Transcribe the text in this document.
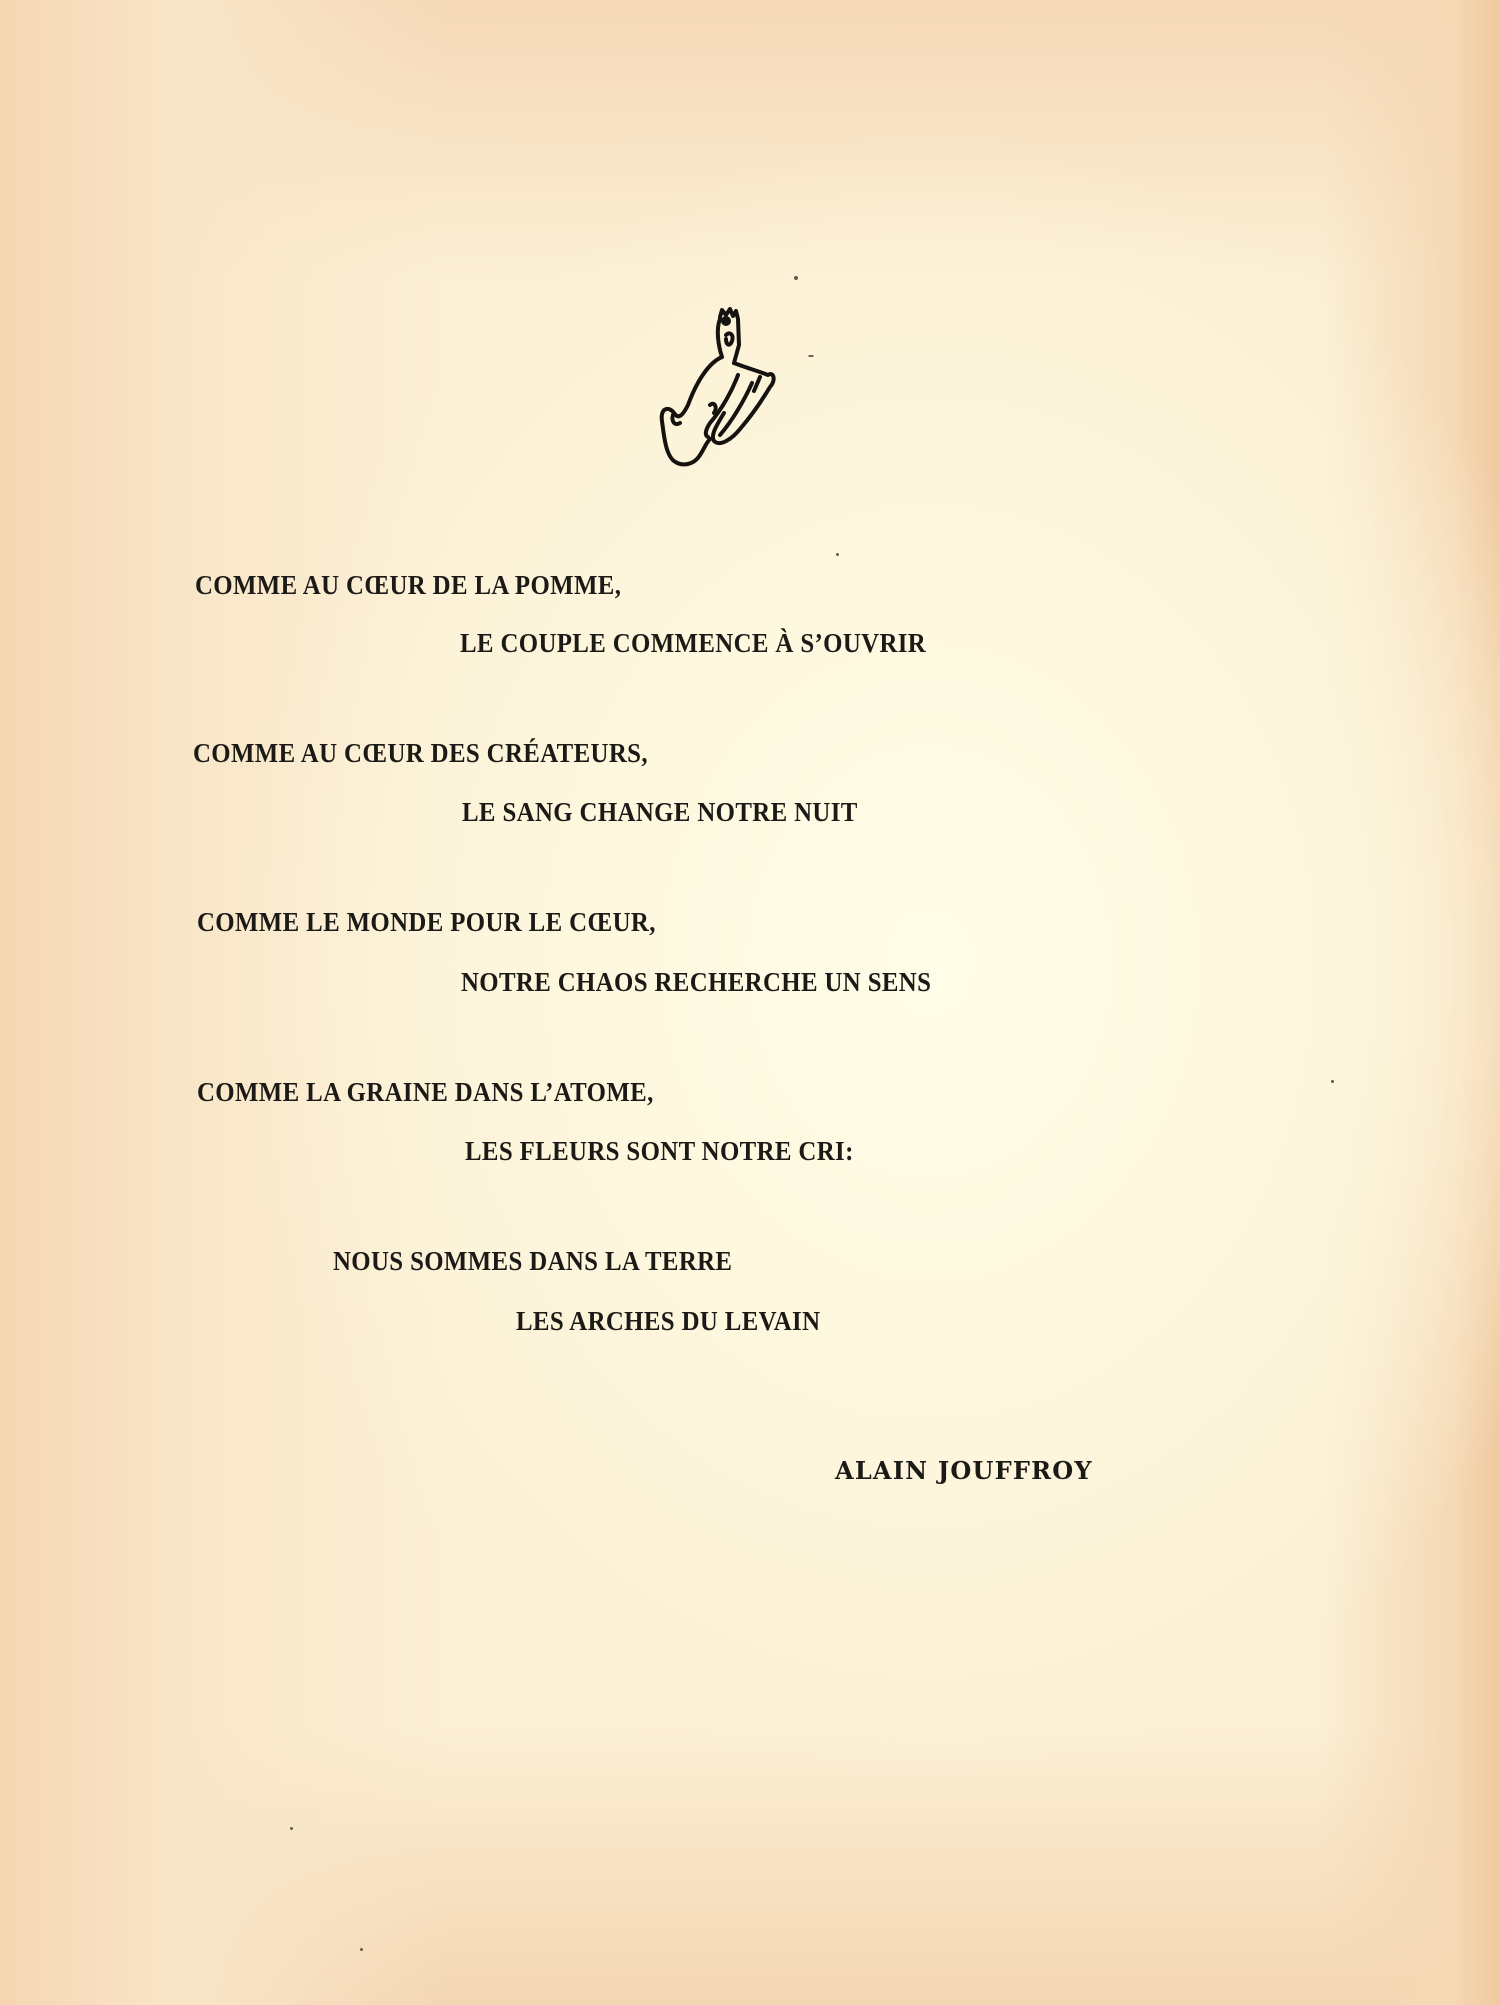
COMME AU CŒUR DE LA POMME,

LE COUPLE COMMENCE À S’OUVRIR

COMME AU CŒUR DES CRÉATEURS,

LE SANG CHANGE NOTRE NUIT

COMME LE MONDE POUR LE CŒUR,

NOTRE CHAOS RECHERCHE UN SENS

COMME LA GRAINE DANS L’ATOME,

LES FLEURS SONT NOTRE CRI:

NOUS SOMMES DANS LA TERRE

LES ARCHES DU LEVAIN

ALAIN JOUFFROY
